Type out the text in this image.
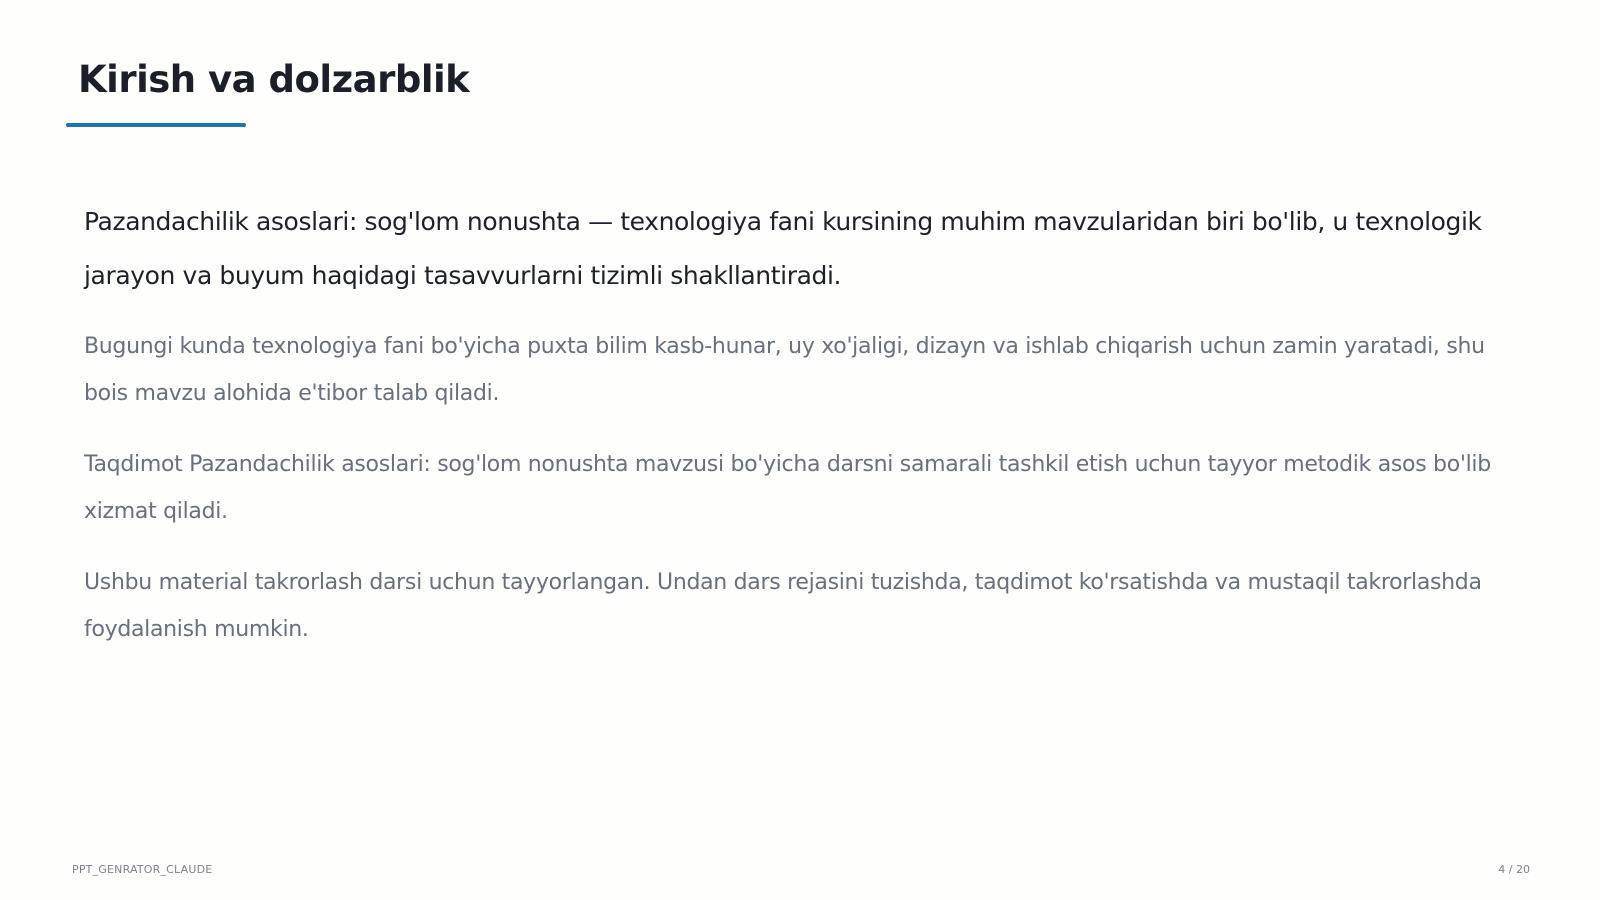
Kirish va dolzarblik

Pazandachilik asoslari: sog'lom nonushta — texnologiya fani kursining muhim mavzularidan biri bo'lib, u texnologik jarayon va buyum haqidagi tasavvurlarni tizimli shakllantiradi.

Bugungi kunda texnologiya fani bo'yicha puxta bilim kasb-hunar, uy xo'jaligi, dizayn va ishlab chiqarish uchun zamin yaratadi, shu bois mavzu alohida e'tibor talab qiladi.

Taqdimot Pazandachilik asoslari: sog'lom nonushta mavzusi bo'yicha darsni samarali tashkil etish uchun tayyor metodik asos bo'lib xizmat qiladi.

Ushbu material takrorlash darsi uchun tayyorlangan. Undan dars rejasini tuzishda, taqdimot ko'rsatishda va mustaqil takrorlashda foydalanish mumkin.

PPT_GENRATOR_CLAUDE	4 / 20
